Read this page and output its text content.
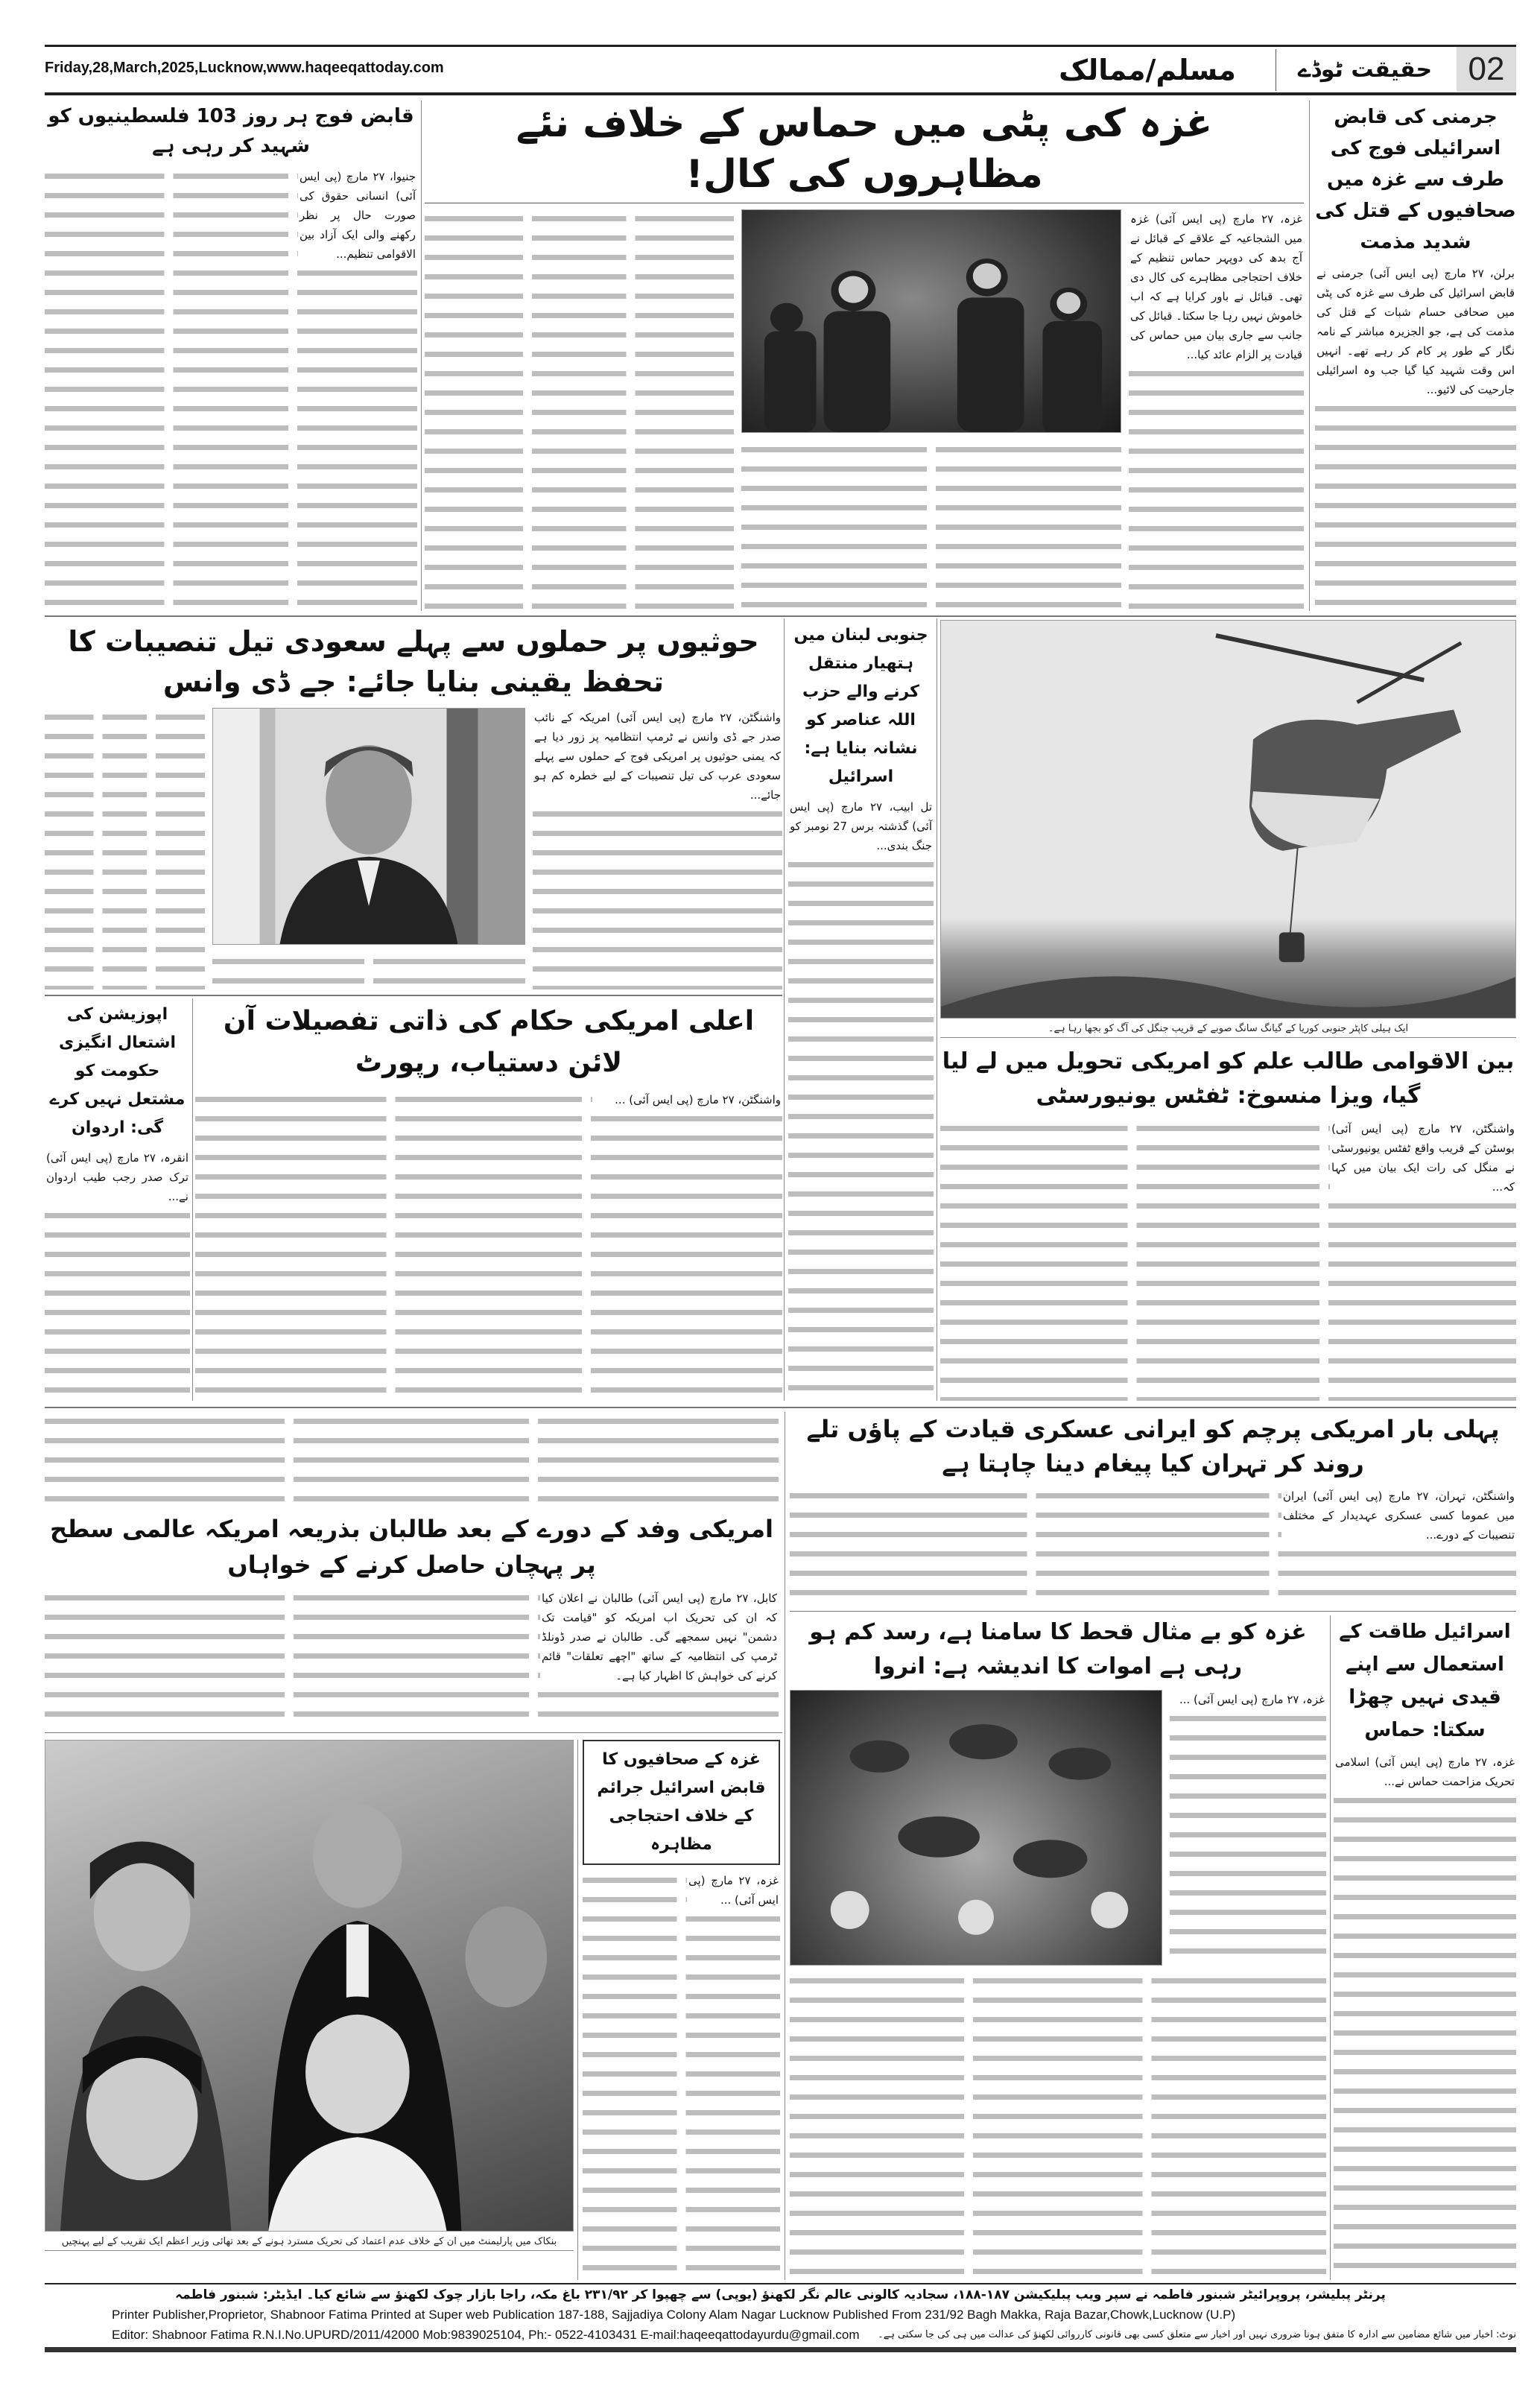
Friday,28,March,2025,Lucknow,www.haqeeqattoday.com	مسلم/ممالک	حقیقت ٹوڈے	02
جرمنی کی قابض اسرائیلی فوج کی طرف سے غزہ میں صحافیوں کے قتل کی شدید مذمت

برلن، ۲۷ مارچ (پی ایس آئی) جرمنی نے قابض اسرائیل کی طرف سے غزہ کی پٹی میں صحافی حسام شبات کے قتل کی مذمت کی ہے، جو الجزیرہ مباشر کے نامہ نگار کے طور پر کام کر رہے تھے۔ انہیں اس وقت شہید کیا گیا جب وہ اسرائیلی جارحیت کی لائیو...

غزہ کی پٹی میں حماس کے خلاف نئے مظاہروں کی کال!

غزہ، ۲۷ مارچ (پی ایس آئی) غزہ میں الشجاعیہ کے علاقے کے قبائل نے آج بدھ کی دوپہر حماس تنظیم کے خلاف احتجاجی مظاہرے کی کال دی تھی۔ قبائل نے باور کرایا ہے کہ اب خاموش نہیں رہا جا سکتا۔ قبائل کی جانب سے جاری بیان میں حماس کی قیادت پر الزام عائد کیا...

قابض فوج ہر روز 103 فلسطینیوں کو شہید کر رہی ہے

جنیوا، ۲۷ مارچ (پی ایس آئی) انسانی حقوق کی صورت حال پر نظر رکھنے والی ایک آزاد بین الاقوامی تنظیم...

حوثیوں پر حملوں سے پہلے سعودی تیل تنصیبات کا تحفظ یقینی بنایا جائے: جے ڈی وانس

واشنگٹن، ۲۷ مارچ (پی ایس آئی) امریکہ کے نائب صدر جے ڈی وانس نے ٹرمپ انتظامیہ پر زور دیا ہے کہ یمنی حوثیوں پر امریکی فوج کے حملوں سے پہلے سعودی عرب کی تیل تنصیبات کے لیے خطرہ کم ہو جائے...

جنوبی لبنان میں ہتھیار منتقل کرنے والے حزب اللہ عناصر کو نشانہ بنایا ہے: اسرائیل

تل ابیب، ۲۷ مارچ (پی ایس آئی) گذشتہ برس 27 نومبر کو جنگ بندی...

ایک ہیلی کاپٹر جنوبی کوریا کے گیانگ سانگ صوبے کے قریب جنگل کی آگ کو بجھا رہا ہے۔
بین الاقوامی طالب علم کو امریکی تحویل میں لے لیا گیا، ویزا منسوخ: ٹفٹس یونیورسٹی

واشنگٹن، ۲۷ مارچ (پی ایس آئی) بوسٹن کے قریب واقع ٹفٹس یونیورسٹی نے منگل کی رات ایک بیان میں کہا کہ...

اپوزیشن کی اشتعال انگیزی حکومت کو مشتعل نہیں کرے گی: اردوان

انقرہ، ۲۷ مارچ (پی ایس آئی) ترک صدر رجب طیب اردوان نے...

اعلی امریکی حکام کی ذاتی تفصیلات آن لائن دستیاب، رپورٹ

واشنگٹن، ۲۷ مارچ (پی ایس آئی) ...

پہلی بار امریکی پرچم کو ایرانی عسکری قیادت کے پاؤں تلے روند کر تہران کیا پیغام دینا چاہتا ہے

واشنگٹن، تہران، ۲۷ مارچ (پی ایس آئی) ایران میں عموما کسی عسکری عہدیدار کے مختلف تنصیبات کے دورے...

امریکی وفد کے دورے کے بعد طالبان بذریعہ امریکہ عالمی سطح پر پہچان حاصل کرنے کے خواہاں

کابل، ۲۷ مارچ (پی ایس آئی) طالبان نے اعلان کیا کہ ان کی تحریک اب امریکہ کو "قیامت تک دشمن" نہیں سمجھے گی۔ طالبان نے صدر ڈونلڈ ٹرمپ کی انتظامیہ کے ساتھ "اچھے تعلقات" قائم کرنے کی خواہش کا اظہار کیا ہے۔

غزہ کو بے مثال قحط کا سامنا ہے، رسد کم ہو رہی ہے اموات کا اندیشہ ہے: انروا

غزہ، ۲۷ مارچ (پی ایس آئی) ...

اسرائیل طاقت کے استعمال سے اپنے قیدی نہیں چھڑا سکتا: حماس

غزہ، ۲۷ مارچ (پی ایس آئی) اسلامی تحریک مزاحمت حماس نے...

بنکاک میں پارلیمنٹ میں ان کے خلاف عدم اعتماد کی تحریک مسترد ہونے کے بعد تھائی وزیر اعظم ایک تقریب کے لیے پہنچیں
غزہ کے صحافیوں کا قابض اسرائیل جرائم کے خلاف احتجاجی مظاہرہ

غزہ، ۲۷ مارچ (پی ایس آئی) ...

پرنٹر پبلیشر، پروپرائیٹر شبنور فاطمہ نے سپر ویب پبلیکیشن ۱۸۷-۱۸۸، سجادیہ کالونی عالم نگر لکھنؤ (یوپی) سے چھپوا کر ۲۳۱/۹۲ باغ مکہ، راجا بازار چوک لکھنؤ سے شائع کیا۔ ایڈیٹر: شبنور فاطمہ
Printer Publisher,Proprietor, Shabnoor Fatima Printed at Super web Publication 187-188, Sajjadiya Colony Alam Nagar Lucknow Published From 231/92 Bagh Makka, Raja Bazar,Chowk,Lucknow (U.P)
Editor: Shabnoor Fatima R.N.I.No.UPURD/2011/42000 Mob:9839025104, Ph:- 0522-4103431 E-mail:haqeeqattodayurdu@gmail.com نوٹ: اخبار میں شائع مضامین سے ادارہ کا متفق ہونا ضروری نہیں اور اخبار سے متعلق کسی بھی قانونی کارروائی لکھنؤ کی عدالت میں ہی کی جا سکتی ہے۔
